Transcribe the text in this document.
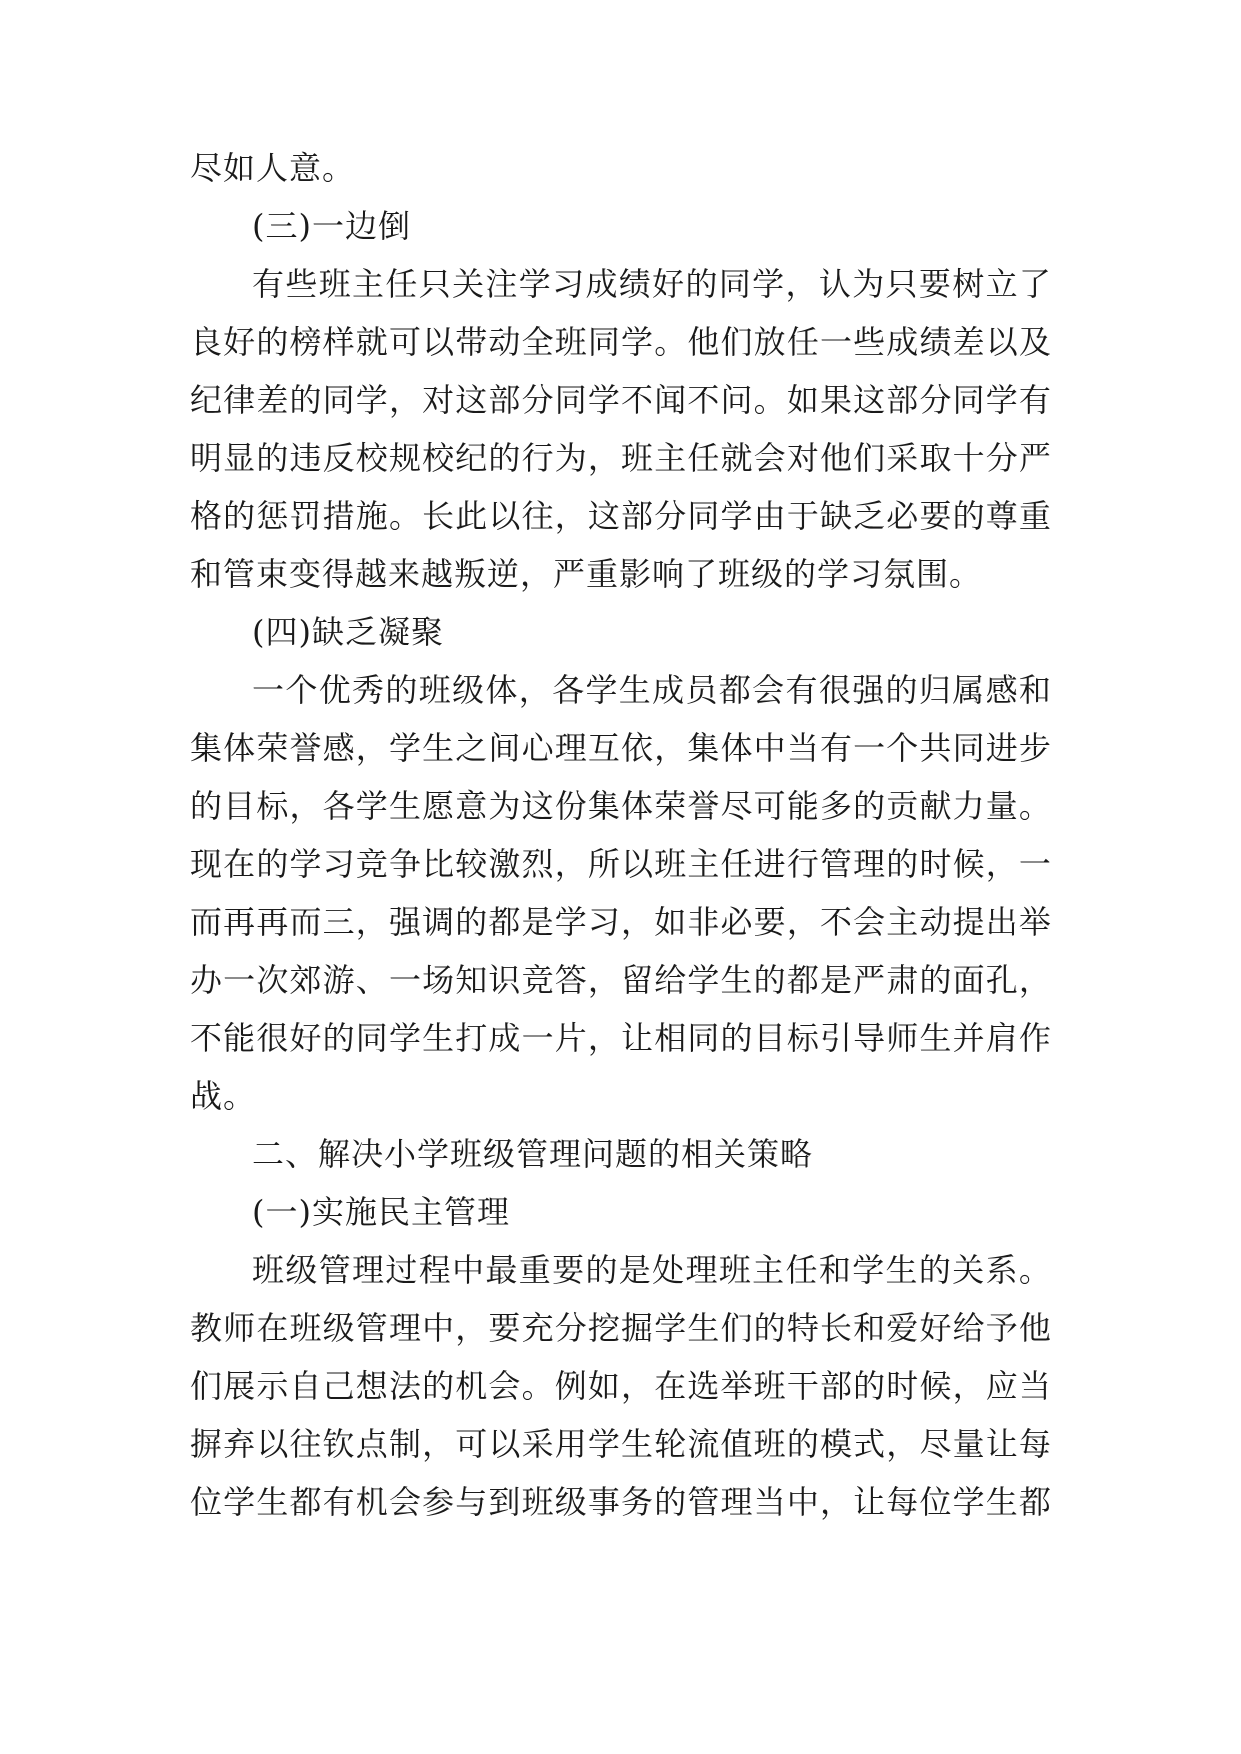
尽如人意。
(三)一边倒
有 些 班 主 任 只 关 注 学 习 成 绩 好 的 同 学 ， 认 为 只 要 树 立 了
良 好 的 榜 样 就 可 以 带 动 全 班 同 学 。 他 们 放 任 一 些 成 绩 差 以 及
纪 律 差 的 同 学 ， 对 这 部 分 同 学 不 闻 不 问 。 如 果 这 部 分 同 学 有
明 显 的 违 反 校 规 校 纪 的 行 为 ， 班 主 任 就 会 对 他 们 采 取 十 分 严
格 的 惩 罚 措 施 。 长 此 以 往 ， 这 部 分 同 学 由 于 缺 乏 必 要 的 尊 重
和管束变得越来越叛逆，严重影响了班级的学习氛围。
(四)缺乏凝聚
一 个 优 秀 的 班 级 体 ， 各 学 生 成 员 都 会 有 很 强 的 归 属 感 和
集 体 荣 誉 感 ， 学 生 之 间 心 理 互 依 ， 集 体 中 当 有 一 个 共 同 进 步
的 目 标 ， 各 学 生 愿 意 为 这 份 集 体 荣 誉 尽 可 能 多 的 贡 献 力 量 。
现 在 的 学 习 竞 争 比 较 激 烈 ， 所 以 班 主 任 进 行 管 理 的 时 候 ， 一
而 再 再 而 三 ， 强 调 的 都 是 学 习 ， 如 非 必 要 ， 不 会 主 动 提 出 举
办 一 次 郊 游 、 一 场 知 识 竞 答 ， 留 给 学 生 的 都 是 严 肃 的 面 孔 ，
不 能 很 好 的 同 学 生 打 成 一 片 ， 让 相 同 的 目 标 引 导 师 生 并 肩 作
战。
二、解决小学班级管理问题的相关策略
(一)实施民主管理
班 级 管 理 过 程 中 最 重 要 的 是 处 理 班 主 任 和 学 生 的 关 系 。
教 师 在 班 级 管 理 中 ， 要 充 分 挖 掘 学 生 们 的 特 长 和 爱 好 给 予 他
们 展 示 自 己 想 法 的 机 会 。 例 如 ， 在 选 举 班 干 部 的 时 候 ， 应 当
摒 弃 以 往 钦 点 制 ， 可 以 采 用 学 生 轮 流 值 班 的 模 式 ， 尽 量 让 每
位 学 生 都 有 机 会 参 与 到 班 级 事 务 的 管 理 当 中 ， 让 每 位 学 生 都
